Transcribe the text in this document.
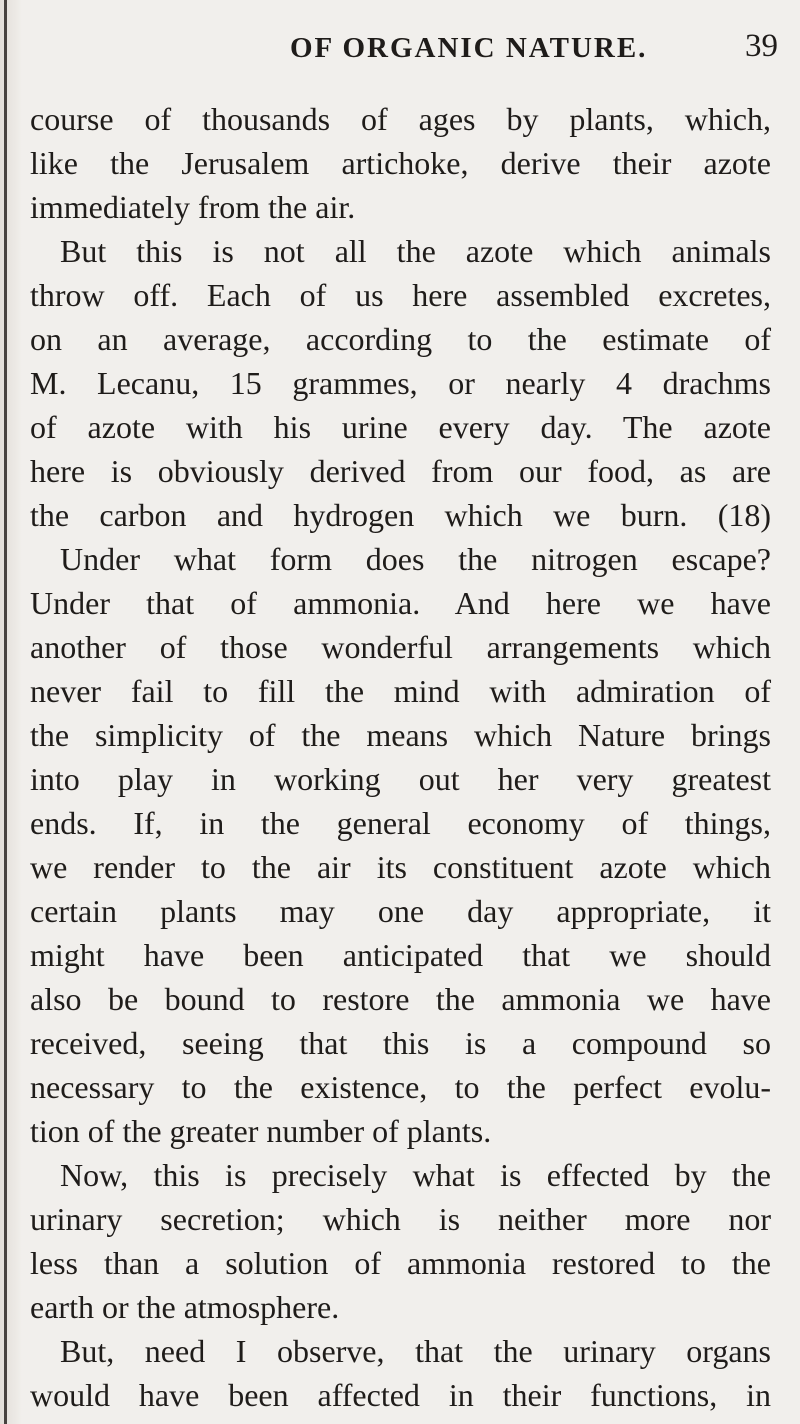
OF ORGANIC NATURE.	39
course of thousands of ages by plants, which,
like the Jerusalem artichoke, derive their azote
immediately from the air.
But this is not all the azote which animals
throw off. Each of us here assembled excretes,
on an average, according to the estimate of
M. Lecanu, 15 grammes, or nearly 4 drachms
of azote with his urine every day. The azote
here is obviously derived from our food, as are
the carbon and hydrogen which we burn. (18)
Under what form does the nitrogen escape?
Under that of ammonia. And here we have
another of those wonderful arrangements which
never fail to fill the mind with admiration of
the simplicity of the means which Nature brings
into play in working out her very greatest
ends. If, in the general economy of things,
we render to the air its constituent azote which
certain plants may one day appropriate, it
might have been anticipated that we should
also be bound to restore the ammonia we have
received, seeing that this is a compound so
necessary to the existence, to the perfect evolu-
tion of the greater number of plants.
Now, this is precisely what is effected by the
urinary secretion; which is neither more nor
less than a solution of ammonia restored to the
earth or the atmosphere.
But, need I observe, that the urinary organs
would have been affected in their functions, in
